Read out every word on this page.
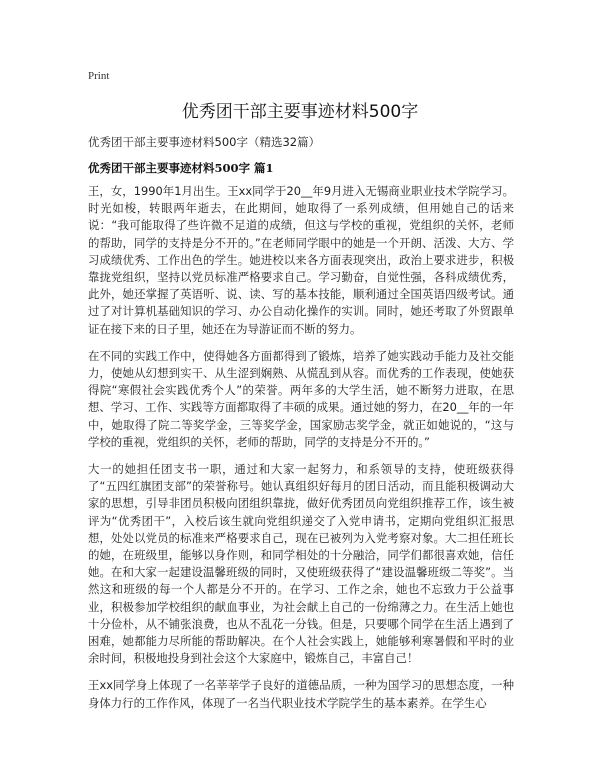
Print
优秀团干部主要事迹材料500字

优秀团干部主要事迹材料500字（精选32篇）

优秀团干部主要事迹材料500字 篇1

王，女，1990年1月出生。王xx同学于20__年9月进入无锡商业职业技术学院学习。时光如梭，转眼两年逝去，在此期间，她取得了一系列成绩，但用她自己的话来说：“我可能取得了些许微不足道的成绩，但这与学校的重视，党组织的关怀，老师的帮助，同学的支持是分不开的。”在老师同学眼中的她是一个开朗、活泼、大方、学习成绩优秀、工作出色的学生。她进校以来各方面表现突出，政治上要求进步，积极靠拢党组织，坚持以党员标准严格要求自己。学习勤奋，自觉性强，各科成绩优秀，此外，她还掌握了英语听、说、读、写的基本技能，顺利通过全国英语四级考试。通过了对计算机基础知识的学习、办公自动化操作的实训。同时，她还考取了外贸跟单证在接下来的日子里，她还在为导游证而不断的努力。

在不同的实践工作中，使得她各方面都得到了锻炼，培养了她实践动手能力及社交能力，使她从幻想到实干、从生涩到娴熟、从慌乱到从容。而优秀的工作表现，使她获得院“寒假社会实践优秀个人”的荣誉。两年多的大学生活，她不断努力进取，在思想、学习、工作、实践等方面都取得了丰硕的成果。通过她的努力，在20__年的一年中，她取得了院二等奖学金，三等奖学金，国家励志奖学金，就正如她说的，“这与学校的重视，党组织的关怀，老师的帮助，同学的支持是分不开的。”

大一的她担任团支书一职，通过和大家一起努力，和系领导的支持，使班级获得了“五四红旗团支部”的荣誉称号。她认真组织好每月的团日活动，而且能积极调动大家的思想，引导非团员积极向团组织靠拢，做好优秀团员向党组织推荐工作，该生被评为“优秀团干”，入校后该生就向党组织递交了入党申请书，定期向党组织汇报思想，处处以党员的标准来严格要求自己，现在已被列为入党考察对象。大二担任班长的她，在班级里，能够以身作则，和同学相处的十分融洽，同学们都很喜欢她，信任她。在和大家一起建设温馨班级的同时，又使班级获得了“建设温馨班级二等奖”。当然这和班级的每一个人都是分不开的。在学习、工作之余，她也不忘致力于公益事业，积极参加学校组织的献血事业，为社会献上自己的一份绵薄之力。在生活上她也十分俭朴，从不铺张浪费，也从不乱花一分钱。但是，只要哪个同学在生活上遇到了困难，她都能力尽所能的帮助解决。在个人社会实践上，她能够利寒暑假和平时的业余时间，积极地投身到社会这个大家庭中，锻炼自己，丰富自己！

王xx同学身上体现了一名莘莘学子良好的道德品质，一种为国学习的思想态度，一种身体力行的工作作风，体现了一名当代职业技术学院学生的基本素养。在学生心
